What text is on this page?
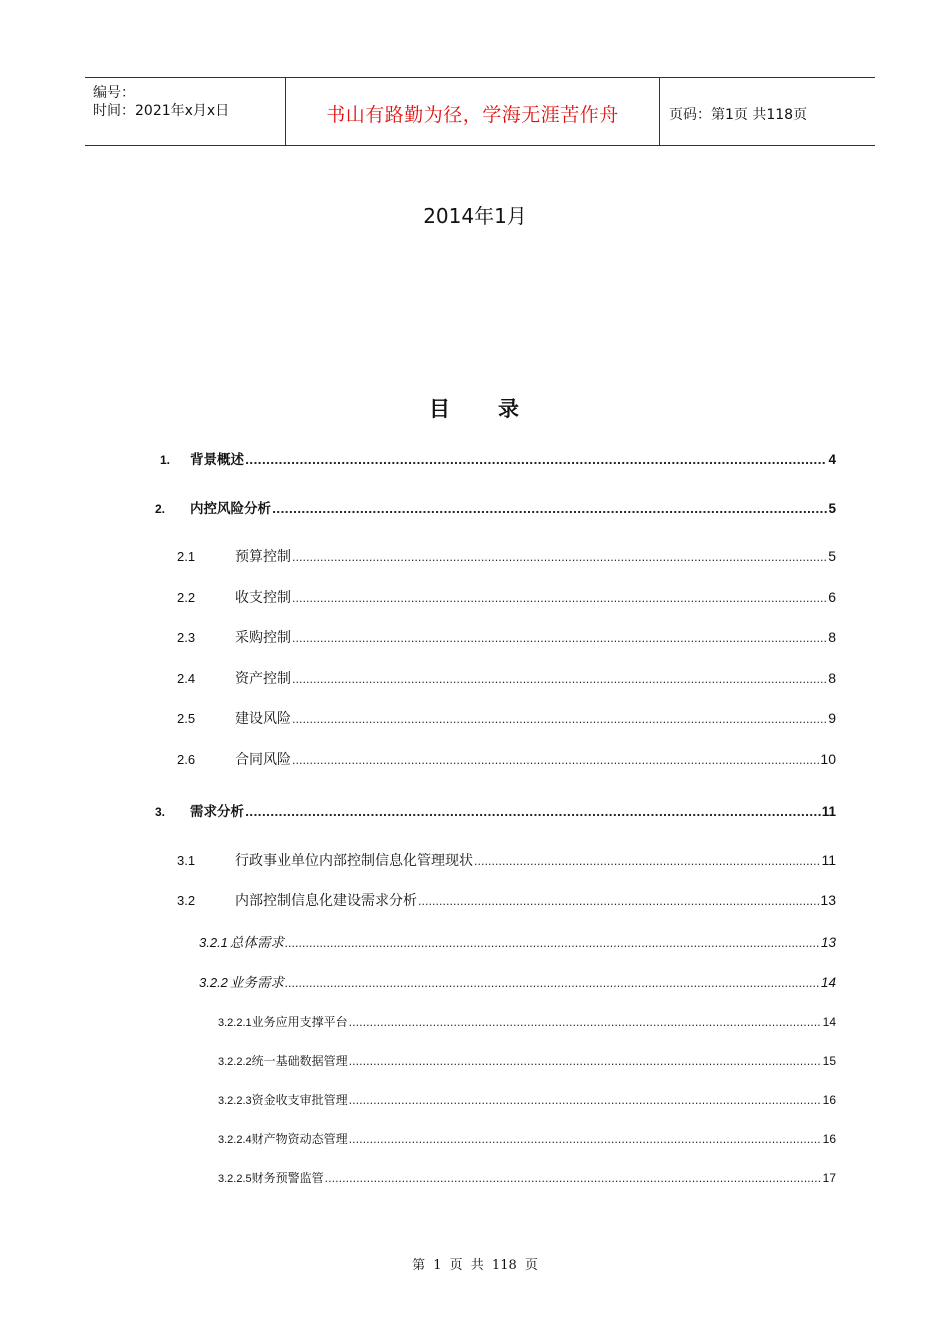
编号：
时间：2021年x月x日	书山有路勤为径，学海无涯苦作舟	页码：第1页 共118页
2014年1月
目 录
1.	背景概述 .....	4
2.	内控风险分析 .....	5
2.1	预算控制 .....	5
2.2	收支控制 .....	6
2.3	采购控制 .....	8
2.4	资产控制 .....	8
2.5	建设风险 .....	9
2.6	合同风险 .....	10
3.	需求分析 .....	11
3.1	行政事业单位内部控制信息化管理现状 .....	11
3.2	内部控制信息化建设需求分析 .....	13
3.2.1 总体需求 .....	13
3.2.2 业务需求 .....	14
3.2.2.1 业务应用支撑平台 .....	14
3.2.2.2 统一基础数据管理 .....	15
3.2.2.3 资金收支审批管理 .....	16
3.2.2.4 财产物资动态管理 .....	16
3.2.2.5 财务预警监管 .....	17
第 1 页 共 118 页
